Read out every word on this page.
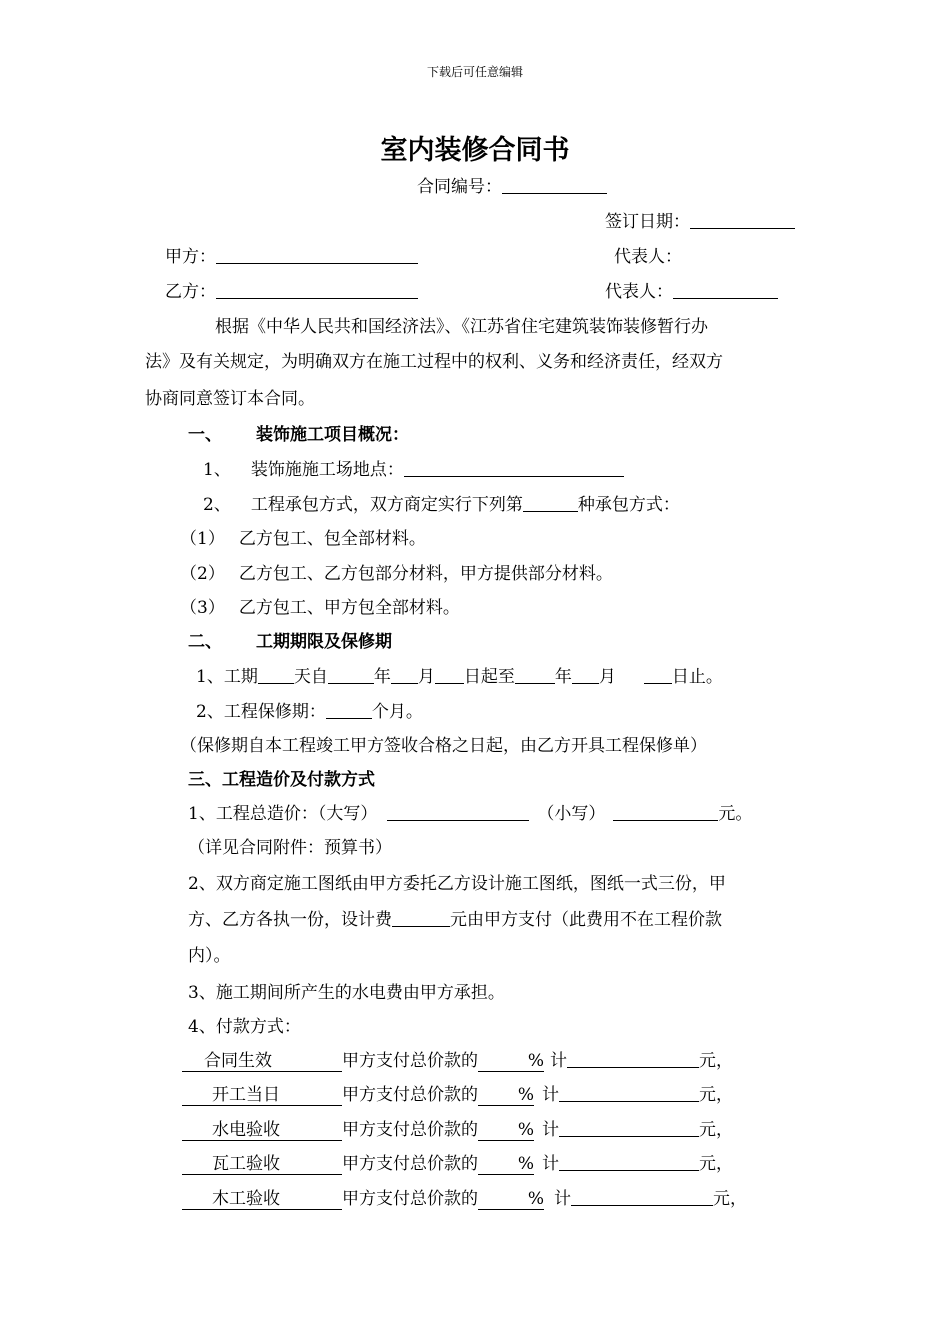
下载后可任意编辑
室内装修合同书
合同编号：
签订日期：
甲方：	代表人：
乙方：	代表人：
根据《中华人民共和国经济法》、《江苏省住宅建筑装饰装修暂行办
法》及有关规定，为明确双方在施工过程中的权利、义务和经济责任，经双方
协商同意签订本合同。
一、 装饰施工项目概况：
1、 装饰施施工场地点：
2、 工程承包方式，双方商定实行下列第	种承包方式：
（1） 乙方包工、包全部材料。
（2） 乙方包工、乙方包部分材料，甲方提供部分材料。
（3） 乙方包工、甲方包全部材料。
二、 工期期限及保修期
1、工期 天自	年 月 日起至 年 月	日止。
2、工程保修期：	个月。
（保修期自本工程竣工甲方签收合格之日起，由乙方开具工程保修单）
三、工程造价及付款方式
1、工程总造价：（大写）	（小写）	元。
（详见合同附件：预算书）
2、双方商定施工图纸由甲方委托乙方设计施工图纸，图纸一式三份，甲
方、乙方各执一份，设计费	元由甲方支付（此费用不在工程价款
内）。
3、施工期间所产生的水电费由甲方承担。
4、付款方式：
合同生效	甲方支付总价款的	% 计	元，
开工当日	甲方支付总价款的 % 计	元，
水电验收	甲方支付总价款的 % 计	元，
瓦工验收	甲方支付总价款的 % 计	元，
木工验收	甲方支付总价款的	% 计	元，
